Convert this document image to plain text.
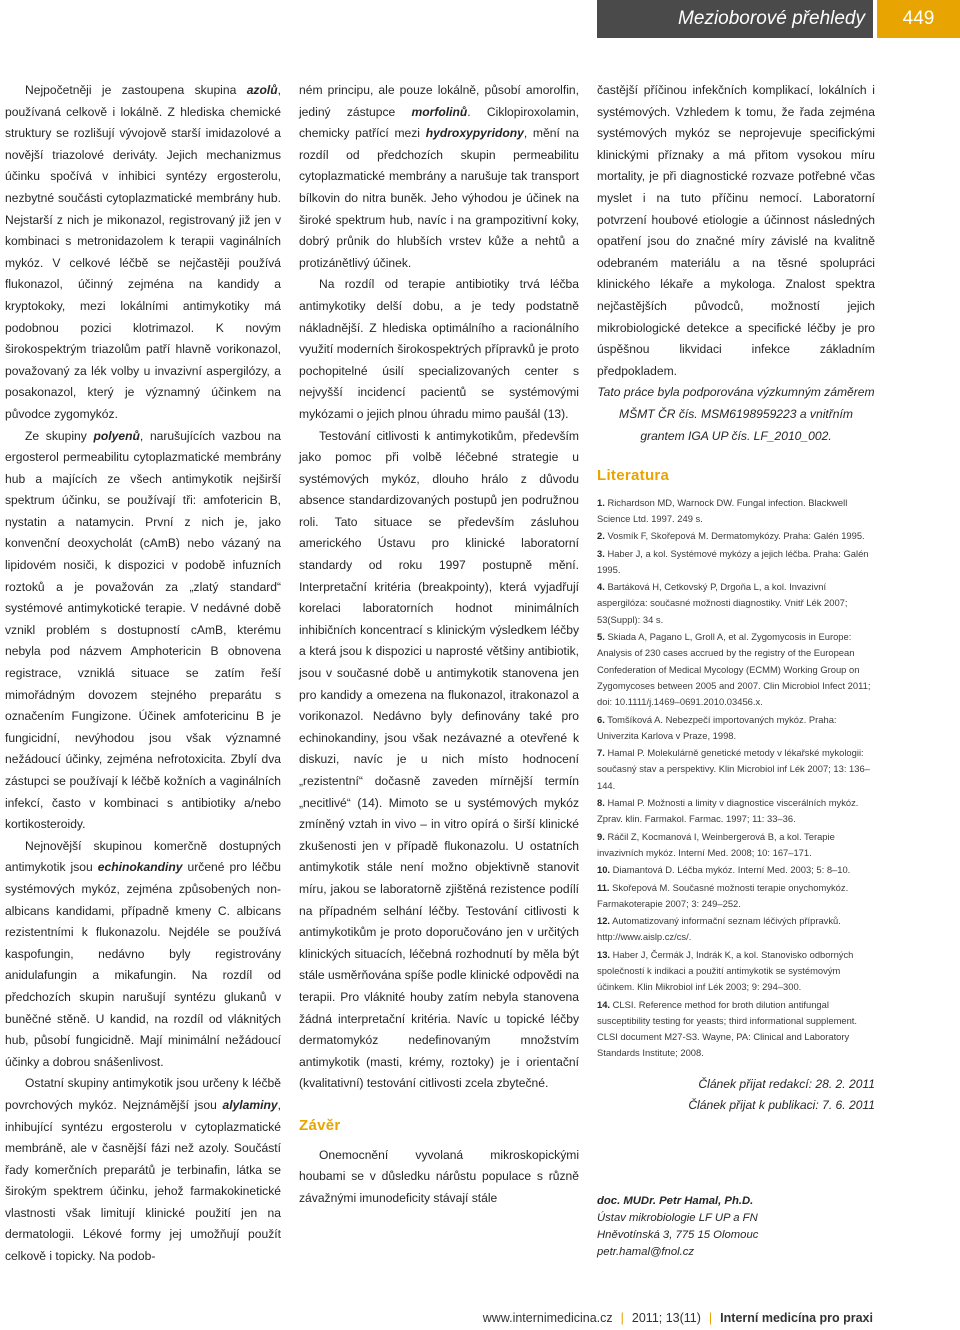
Mezioborové přehledy	449

Nejpočetněji je zastoupena skupina azolů, používaná celkově i lokálně. Z hlediska chemické struktury se rozlišují vývojově starší imidazolové a novější triazolové deriváty. Jejich mechanizmus účinku spočívá v inhibici syntézy ergosterolu, nezbytné součásti cytoplazmatické membrány hub. Nejstarší z nich je mikonazol, registrovaný již jen v kombinaci s metronidazolem k terapii vaginálních mykóz. V celkové léčbě se nejčastěji používá flukonazol, účinný zejména na kandidy a kryptokoky, mezi lokálními antimykotiky má podobnou pozici klotrimazol. K novým širokospektrým triazolům patří hlavně vorikonazol, považovaný za lék volby u invazivní aspergilózy, a posakonazol, který je významný účinkem na původce zygomykóz.

Ze skupiny polyenů, narušujících vazbou na ergosterol permeabilitu cytoplazmatické membrány hub a majících ze všech antimykotik nejširší spektrum účinku, se používají tři: amfotericin B, nystatin a natamycin. První z nich je, jako konvenční deoxycholát (cAmB) nebo vázaný na lipidovém nosiči, k dispozici v podobě infuzních roztoků a je považován za „zlatý standard“ systémové antimykotické terapie. V nedávné době vznikl problém s dostupností cAmB, kterému nebyla pod názvem Amphotericin B obnovena registrace, vzniklá situace se zatím řeší mimořádným dovozem stejného preparátu s označením Fungizone. Účinek amfotericinu B je fungicidní, nevýhodou jsou však významné nežádoucí účinky, zejména nefrotoxicita. Zbylí dva zástupci se používají k léčbě kožních a vaginálních infekcí, často v kombinaci s antibiotiky a/nebo kortikosteroidy.

Nejnovější skupinou komerčně dostupných antimykotik jsou echinokandiny určené pro léčbu systémových mykóz, zejména způsobených non-albicans kandidami, případně kmeny C. albicans rezistentními k flukonazolu. Nejdéle se používá kaspofungin, nedávno byly registrovány anidulafungin a mikafungin. Na rozdíl od předchozích skupin narušují syntézu glukanů v buněčné stěně. U kandid, na rozdíl od vláknitých hub, působí fungicidně. Mají minimální nežádoucí účinky a dobrou snášenlivost.

Ostatní skupiny antimykotik jsou určeny k léčbě povrchových mykóz. Nejznámější jsou alylaminy, inhibující syntézu ergosterolu v cytoplazmatické membráně, ale v časnější fázi než azoly. Součástí řady komerčních preparátů je terbinafin, látka se širokým spektrem účinku, jehož farmakokinetické vlastnosti však limitují klinické použití jen na dermatologii. Lékové formy jej umožňují použít celkově i topicky. Na podob-

ném principu, ale pouze lokálně, působí amorolfin, jediný zástupce morfolinů. Ciklopiroxolamin, chemicky patřící mezi hydroxypyridony, mění na rozdíl od předchozích skupin permeabilitu cytoplazmatické membrány a narušuje tak transport bílkovin do nitra buněk. Jeho výhodou je účinek na široké spektrum hub, navíc i na grampozitivní koky, dobrý průnik do hlubších vrstev kůže a nehtů a protizánětlivý účinek.

Na rozdíl od terapie antibiotiky trvá léčba antimykotiky delší dobu, a je tedy podstatně nákladnější. Z hlediska optimálního a racionálního využití moderních širokospektrých přípravků je proto pochopitelné úsilí specializovaných center s nejvyšší incidencí pacientů se systémovými mykózami o jejich plnou úhradu mimo paušál (13).

Testování citlivosti k antimykotikům, především jako pomoc při volbě léčebné strategie u systémových mykóz, dlouho hrálo z důvodu absence standardizovaných postupů jen podružnou roli. Tato situace se především zásluhou amerického Ústavu pro klinické laboratorní standardy od roku 1997 postupně mění. Interpretační kritéria (breakpointy), která vyjadřují korelaci laboratorních hodnot minimálních inhibičních koncentrací s klinickým výsledkem léčby a která jsou k dispozici u naprosté většiny antibiotik, jsou v současné době u antimykotik stanovena jen pro kandidy a omezena na flukonazol, itrakonazol a vorikonazol. Nedávno byly definovány také pro echinokandiny, jsou však nezávazné a otevřené k diskuzi, navíc je u nich místo hodnocení „rezistentní“ dočasně zaveden mírnější termín „necitlivé“ (14). Mimoto se u systémových mykóz zmíněný vztah in vivo – in vitro opírá o širší klinické zkušenosti jen v případě flukonazolu. U ostatních antimykotik stále není možno objektivně stanovit míru, jakou se laboratorně zjištěná rezistence podílí na případném selhání léčby. Testování citlivosti k antimykotikům je proto doporučováno jen v určitých klinických situacích, léčebná rozhodnutí by měla být stále usměrňována spíše podle klinické odpovědi na terapii. Pro vláknité houby zatím nebyla stanovena žádná interpretační kritéria. Navíc u topické léčby dermatomykóz nedefinovaným množstvím antimykotik (masti, krémy, roztoky) je i orientační (kvalitativní) testování citlivosti zcela zbytečné.

Závěr

Onemocnění vyvolaná mikroskopickými houbami se v důsledku nárůstu populace s různě závažnými imunodeficity stávají stále

častější příčinou infekčních komplikací, lokálních i systémových. Vzhledem k tomu, že řada zejména systémových mykóz se neprojevuje specifickými klinickými příznaky a má přitom vysokou míru mortality, je při diagnostické rozvaze potřebné včas myslet i na tuto příčinu nemocí. Laboratorní potvrzení houbové etiologie a účinnost následných opatření jsou do značné míry závislé na kvalitně odebraném materiálu a na těsné spolupráci klinického lékaře a mykologa. Znalost spektra nejčastějších původců, možností jejich mikrobiologické detekce a specifické léčby je pro úspěšnou likvidaci infekce základním předpokladem.

Tato práce byla podporována výzkumným záměrem MŠMT ČR čís. MSM6198959223 a vnitřním grantem IGA UP čís. LF_2010_002.

Literatura
1. Richardson MD, Warnock DW. Fungal infection. Blackwell Science Ltd. 1997. 249 s.
2. Vosmík F, Skořepová M. Dermatomykózy. Praha: Galén 1995.
3. Haber J, a kol. Systémové mykózy a jejich léčba. Praha: Galén 1995.
4. Bartáková H, Cetkovský P, Drgoňa L, a kol. Invazivní aspergilóza: současné možnosti diagnostiky. Vnitř Lék 2007; 53(Suppl): 34 s.
5. Skiada A, Pagano L, Groll A, et al. Zygomycosis in Europe: Analysis of 230 cases accrued by the registry of the European Confederation of Medical Mycology (ECMM) Working Group on Zygomycoses between 2005 and 2007. Clin Microbiol Infect 2011; doi: 10.1111/j.1469–0691.2010.03456.x.
6. Tomšíková A. Nebezpečí importovaných mykóz. Praha: Univerzita Karlova v Praze, 1998.
7. Hamal P. Molekulárně genetické metody v lékařské mykologii: současný stav a perspektivy. Klin Microbiol inf Lék 2007; 13: 136–144.
8. Hamal P. Možnosti a limity v diagnostice viscerálních mykóz. Zprav. klin. Farmakol. Farmac. 1997; 11: 33–36.
9. Ráčil Z, Kocmanová I, Weinbergerová B, a kol. Terapie invazivních mykóz. Interní Med. 2008; 10: 167–171.
10. Diamantová D. Léčba mykóz. Interní Med. 2003; 5: 8–10.
11. Skořepová M. Současné možnosti terapie onychomykóz. Farmakoterapie 2007; 3: 249–252.
12. Automatizovaný informační seznam léčivých přípravků. http://www.aislp.cz/cs/.
13. Haber J, Čermák J, Indrák K, a kol. Stanovisko odborných společností k indikaci a použití antimykotik se systémovým účinkem. Klin Mikrobiol inf Lék 2003; 9: 294–300.
14. CLSI. Reference method for broth dilution antifungal susceptibility testing for yeasts; third informational supplement. CLSI document M27-S3. Wayne, PA: Clinical and Laboratory Standards Institute; 2008.
Článek přijat redakcí: 28. 2. 2011
Článek přijat k publikaci: 7. 6. 2011
doc. MUDr. Petr Hamal, Ph.D.
Ústav mikrobiologie LF UP a FN
Hněvotínská 3, 775 15 Olomouc
petr.hamal@fnol.cz
www.internimedicina.cz | 2011; 13(11) | Interní medicína pro praxi
